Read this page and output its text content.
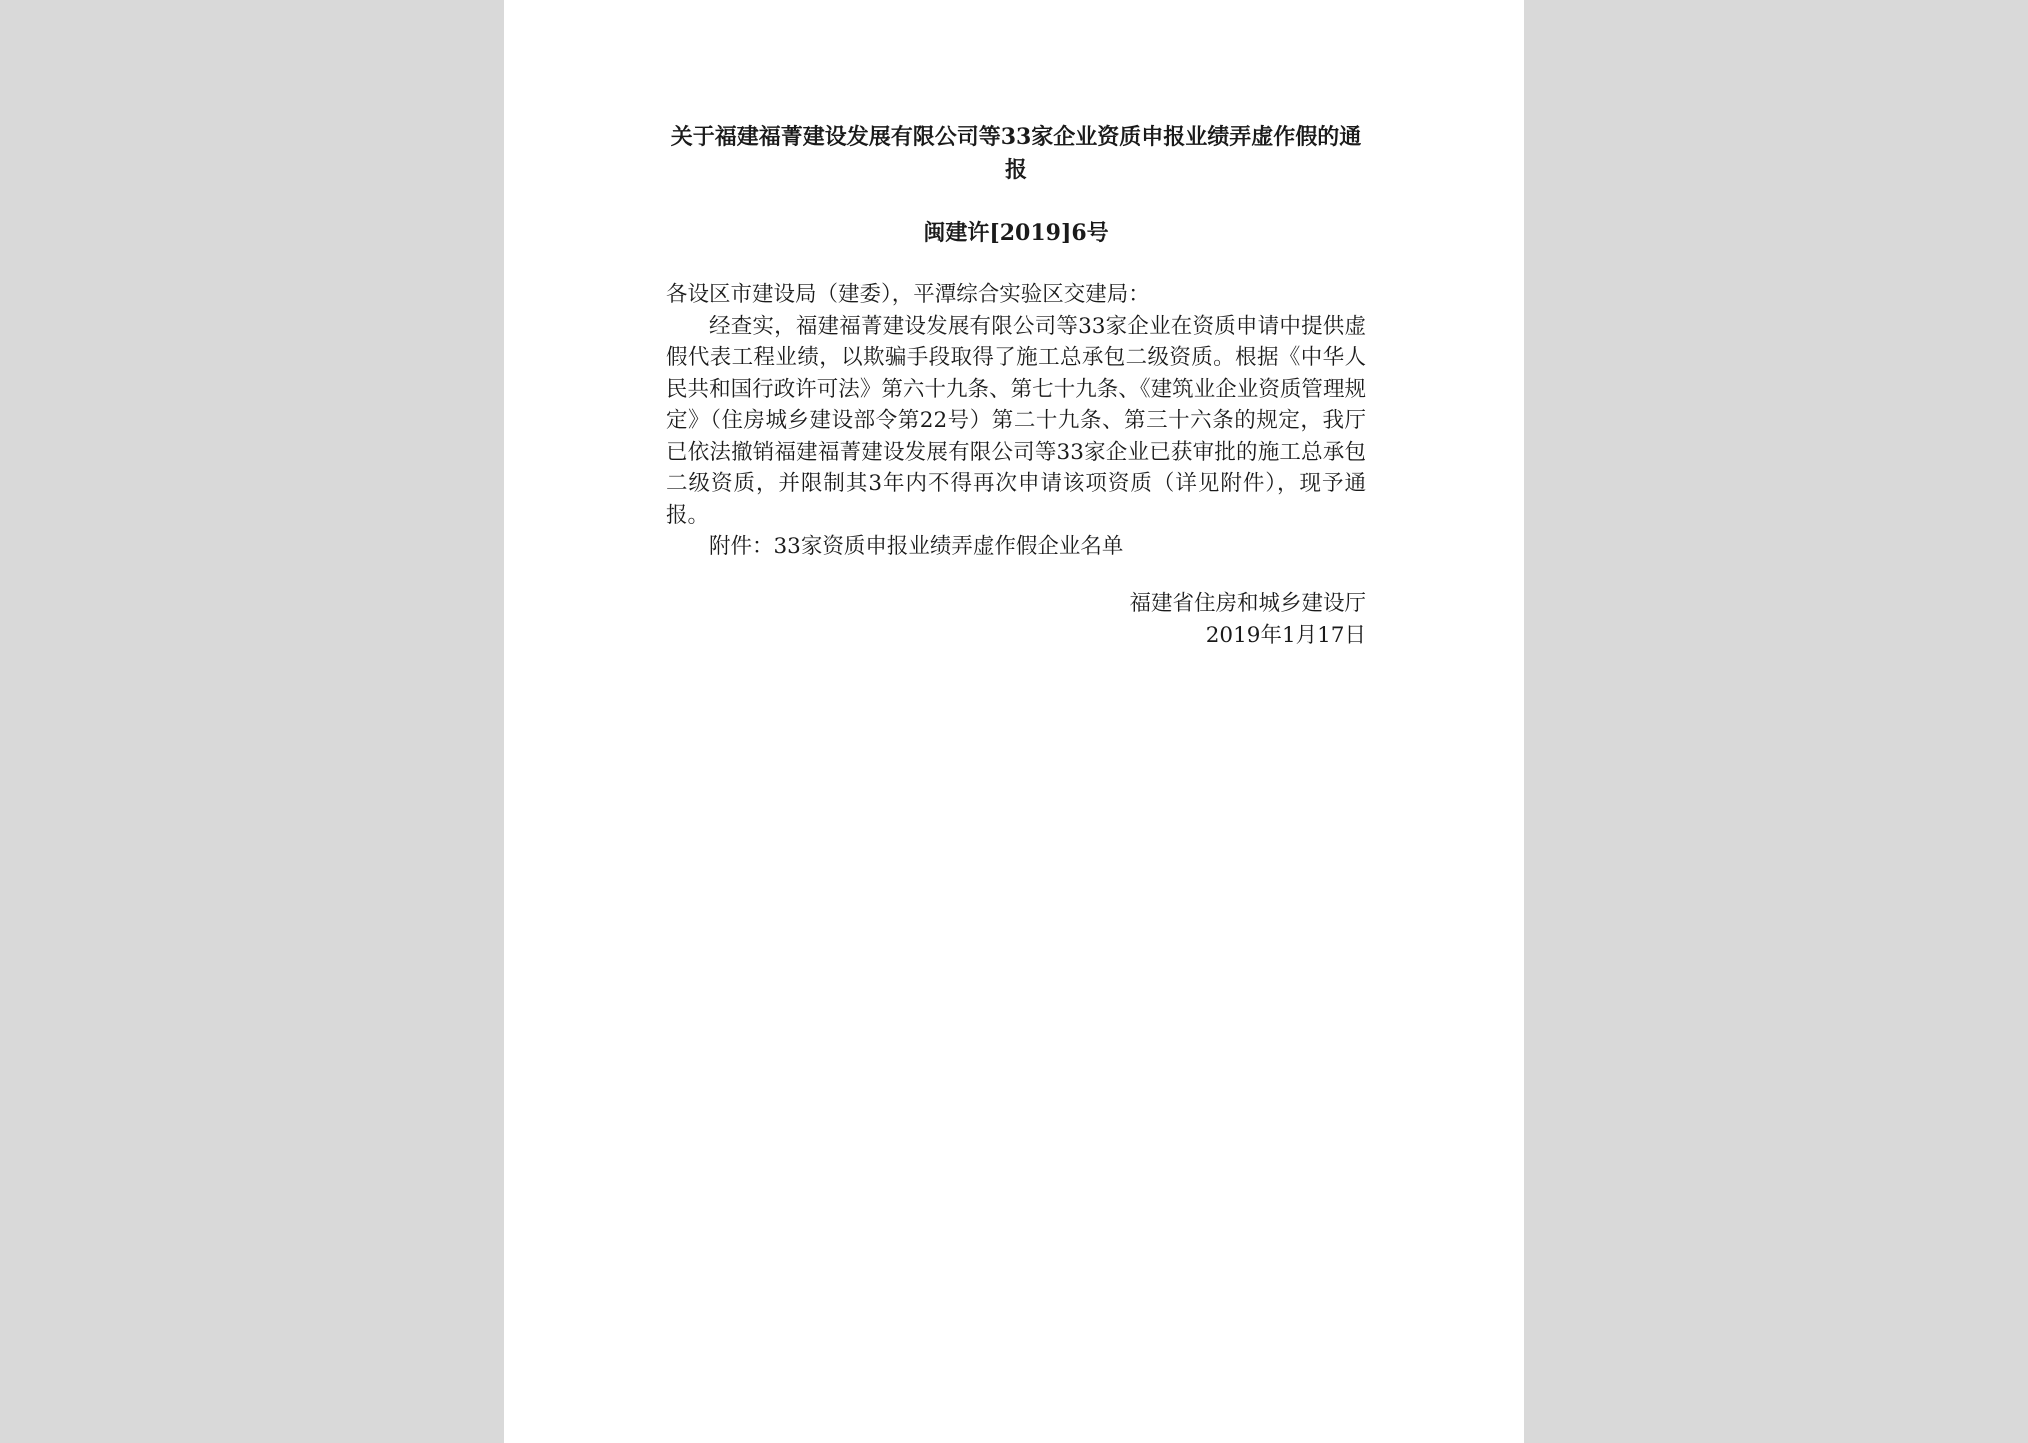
关于福建福菁建设发展有限公司等33家企业资质申报业绩弄虚作假的通报
闽建许[2019]6号

各设区市建设局（建委），平潭综合实验区交建局：

经查实，福建福菁建设发展有限公司等33家企业在资质申请中提供虚假代表工程业绩，以欺骗手段取得了施工总承包二级资质。根据《中华人民共和国行政许可法》第六十九条、第七十九条、《建筑业企业资质管理规定》（住房城乡建设部令第22号）第二十九条、第三十六条的规定，我厅已依法撤销福建福菁建设发展有限公司等33家企业已获审批的施工总承包二级资质，并限制其3年内不得再次申请该项资质（详见附件），现予通报。

附件：33家资质申报业绩弄虚作假企业名单

福建省住房和城乡建设厅
2019年1月17日
